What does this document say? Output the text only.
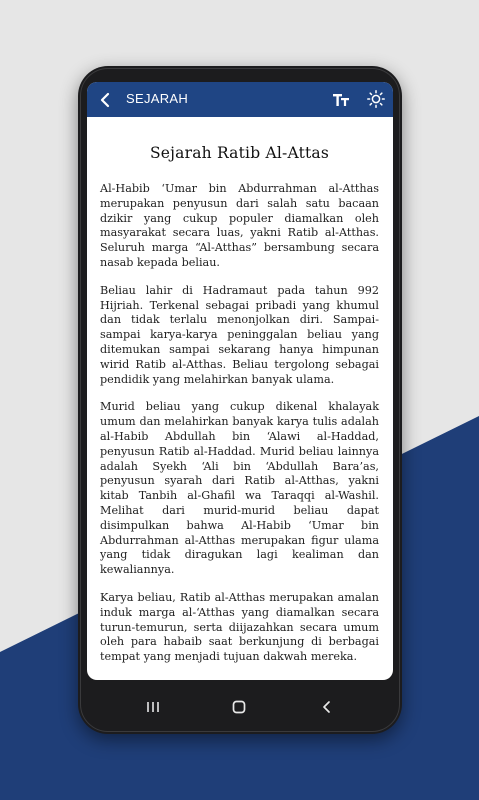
SEJARAH
Sejarah Ratib Al-Attas

Al-Habib ‘Umar bin Abdurrahman al-Atthas merupakan penyusun dari salah satu bacaan dzikir yang cukup populer diamalkan oleh masyarakat secara luas, yakni Ratib al-Atthas. Seluruh marga “Al-Atthas” bersambung secara nasab kepada beliau.

Beliau lahir di Hadramaut pada tahun 992 Hijriah. Terkenal sebagai pribadi yang khumul dan tidak terlalu menonjolkan diri. Sampai-sampai karya-karya peninggalan beliau yang ditemukan sampai sekarang hanya himpunan wirid Ratib al-Atthas. Beliau tergolong sebagai pendidik yang melahirkan banyak ulama.

Murid beliau yang cukup dikenal khalayak umum dan melahirkan banyak karya tulis adalah al-Habib Abdullah bin ‘Alawi al-Haddad, penyusun Ratib al-Haddad. Murid beliau lainnya adalah Syekh ‘Ali bin ‘Abdullah Bara’as, penyusun syarah dari Ratib al-Atthas, yakni kitab Tanbih al-Ghafil wa Taraqqi al-Washil. Melihat dari murid-murid beliau dapat disimpulkan bahwa Al-Habib ‘Umar bin Abdurrahman al-Atthas merupakan figur ulama yang tidak diragukan lagi kealiman dan kewaliannya.

Karya beliau, Ratib al-Atthas merupakan amalan induk marga al-‘Atthas yang diamalkan secara turun-temurun, serta diijazahkan secara umum oleh para habaib saat berkunjung di berbagai tempat yang menjadi tujuan dakwah mereka.
